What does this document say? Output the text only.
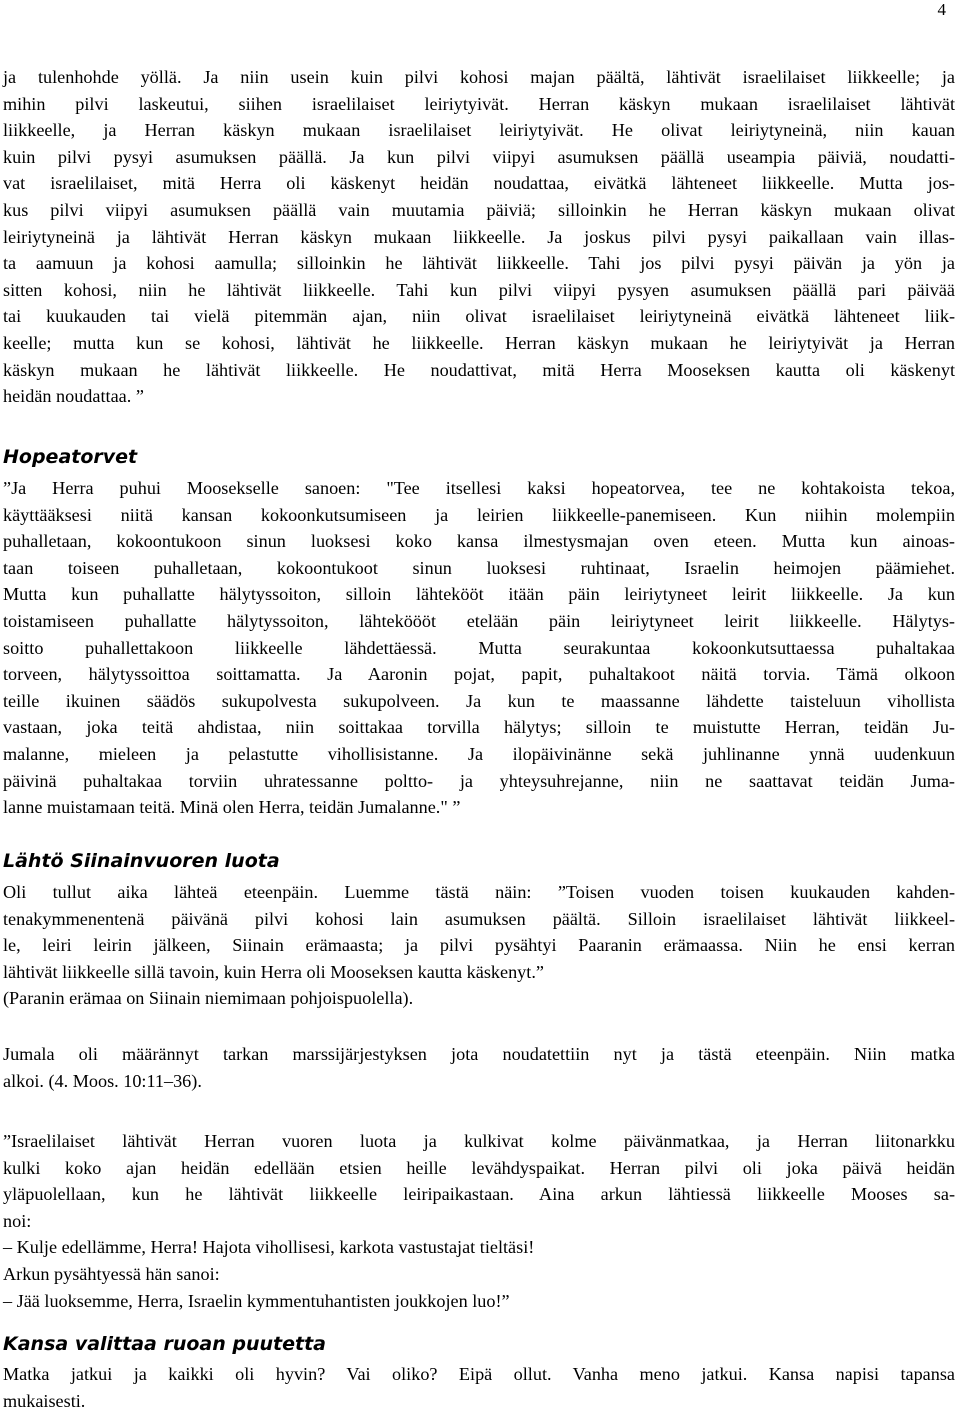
4
ja tulenhohde yöllä. Ja niin usein kuin pilvi kohosi majan päältä, lähtivät israelilaiset liikkeelle; ja
mihin pilvi laskeutui, siihen israelilaiset leiriytyivät. Herran käskyn mukaan israelilaiset lähtivät
liikkeelle, ja Herran käskyn mukaan israelilaiset leiriytyivät. He olivat leiriytyneinä, niin kauan
kuin pilvi pysyi asumuksen päällä. Ja kun pilvi viipyi asumuksen päällä useampia päiviä, noudatti-
vat israelilaiset, mitä Herra oli käskenyt heidän noudattaa, eivätkä lähteneet liikkeelle. Mutta jos-
kus pilvi viipyi asumuksen päällä vain muutamia päiviä; silloinkin he Herran käskyn mukaan olivat
leiriytyneinä ja lähtivät Herran käskyn mukaan liikkeelle. Ja joskus pilvi pysyi paikallaan vain illas-
ta aamuun ja kohosi aamulla; silloinkin he lähtivät liikkeelle. Tahi jos pilvi pysyi päivän ja yön ja
sitten kohosi, niin he lähtivät liikkeelle. Tahi kun pilvi viipyi pysyen asumuksen päällä pari päivää
tai kuukauden tai vielä pitemmän ajan, niin olivat israelilaiset leiriytyneinä eivätkä lähteneet liik-
keelle; mutta kun se kohosi, lähtivät he liikkeelle. Herran käskyn mukaan he leiriytyivät ja Herran
käskyn mukaan he lähtivät liikkeelle. He noudattivat, mitä Herra Mooseksen kautta oli käskenyt
heidän noudattaa. ”
Hopeatorvet
”Ja Herra puhui Moosekselle sanoen: "Tee itsellesi kaksi hopeatorvea, tee ne kohtakoista tekoa,
käyttääksesi niitä kansan kokoonkutsumiseen ja leirien liikkeelle-panemiseen. Kun niihin molempiin
puhalletaan, kokoontukoon sinun luoksesi koko kansa ilmestysmajan oven eteen. Mutta kun ainoas-
taan toiseen puhalletaan, kokoontukoot sinun luoksesi ruhtinaat, Israelin heimojen päämiehet.
Mutta kun puhallatte hälytyssoiton, silloin lähtekööt itään päin leiriytyneet leirit liikkeelle. Ja kun
toistamiseen puhallatte hälytyssoiton, lähteköööt etelään päin leiriytyneet leirit liikkeelle. Hälytys-
soitto puhallettakoon liikkeelle lähdettäessä. Mutta seurakuntaa kokoonkutsuttaessa puhaltakaa
torveen, hälytyssoittoa soittamatta. Ja Aaronin pojat, papit, puhaltakoot näitä torvia. Tämä olkoon
teille ikuinen säädös sukupolvesta sukupolveen. Ja kun te maassanne lähdette taisteluun vihollista
vastaan, joka teitä ahdistaa, niin soittakaa torvilla hälytys; silloin te muistutte Herran, teidän Ju-
malanne, mieleen ja pelastutte vihollisistanne. Ja ilopäivinänne sekä juhlinanne ynnä uudenkuun
päivinä puhaltakaa torviin uhratessanne poltto- ja yhteysuhrejanne, niin ne saattavat teidän Juma-
lanne muistamaan teitä. Minä olen Herra, teidän Jumalanne." ”
Lähtö Siinainvuoren luota
Oli tullut aika lähteä eteenpäin. Luemme tästä näin: ”Toisen vuoden toisen kuukauden kahden-
tenakymmenentenä päivänä pilvi kohosi lain asumuksen päältä. Silloin israelilaiset lähtivät liikkeel-
le, leiri leirin jälkeen, Siinain erämaasta; ja pilvi pysähtyi Paaranin erämaassa. Niin he ensi kerran
lähtivät liikkeelle sillä tavoin, kuin Herra oli Mooseksen kautta käskenyt.”
(Paranin erämaa on Siinain niemimaan pohjoispuolella).
Jumala oli määrännyt tarkan marssijärjestyksen jota noudatettiin nyt ja tästä eteenpäin. Niin matka
alkoi. (4. Moos. 10:11–36).
”Israelilaiset lähtivät Herran vuoren luota ja kulkivat kolme päivänmatkaa, ja Herran liitonarkku
kulki koko ajan heidän edellään etsien heille levähdyspaikat. Herran pilvi oli joka päivä heidän
yläpuolellaan, kun he lähtivät liikkeelle leiripaikastaan. Aina arkun lähtiessä liikkeelle Mooses sa-
noi:
– Kulje edellämme, Herra! Hajota vihollisesi, karkota vastustajat tieltäsi!
Arkun pysähtyessä hän sanoi:
– Jää luoksemme, Herra, Israelin kymmentuhantisten joukkojen luo!”
Kansa valittaa ruoan puutetta
Matka jatkui ja kaikki oli hyvin? Vai oliko? Eipä ollut. Vanha meno jatkui. Kansa napisi tapansa
mukaisesti.
